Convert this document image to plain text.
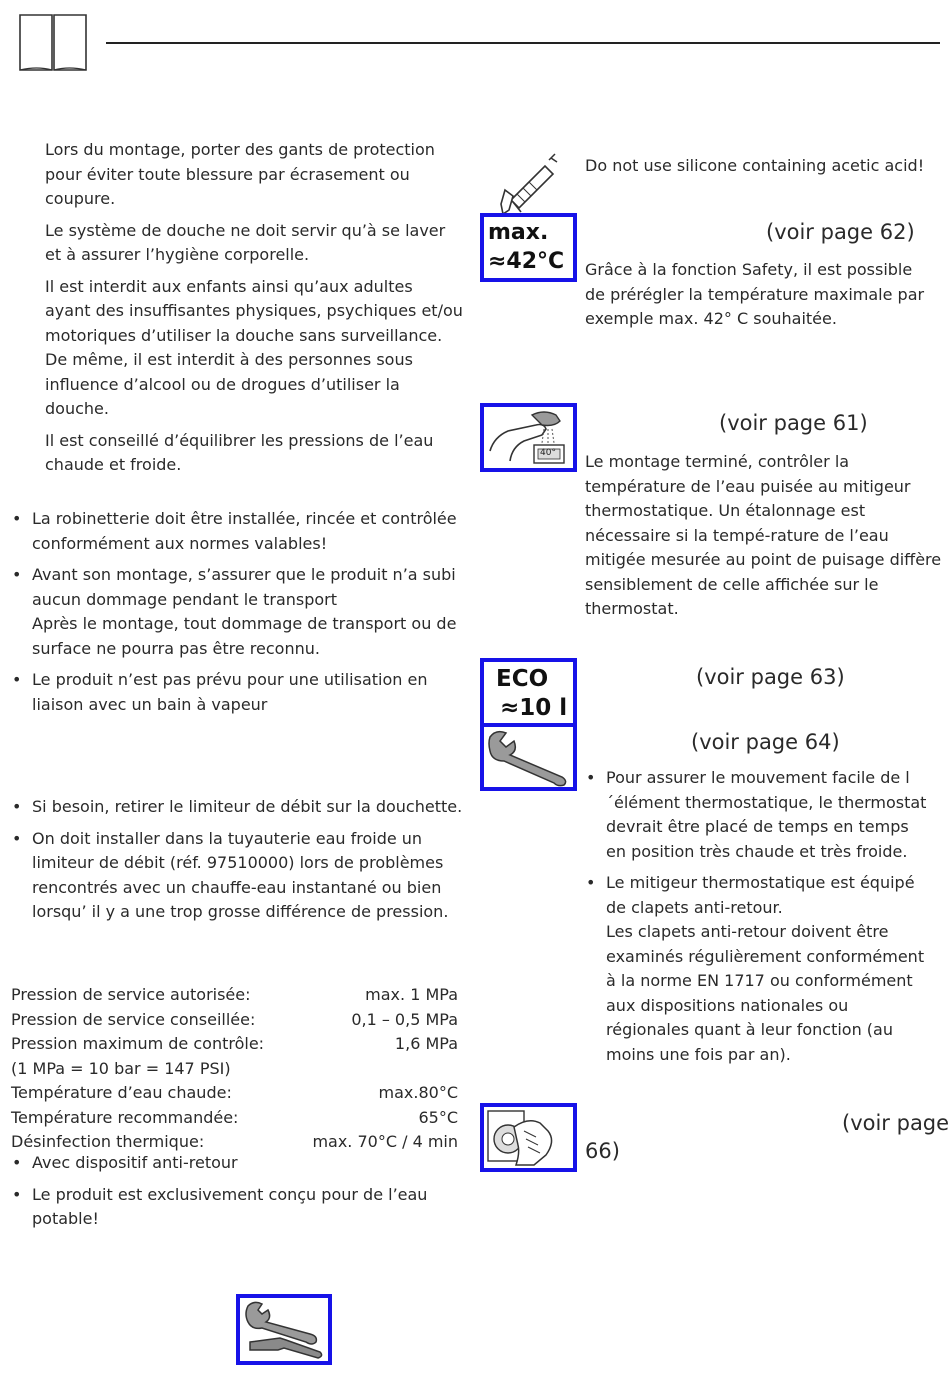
Lors du montage, porter des gants de protection pour éviter toute blessure par écrasement ou coupure.

Le système de douche ne doit servir qu’à se laver et à assurer l’hygiène corporelle.

Il est interdit aux enfants ainsi qu’aux adultes ayant des insuffisantes physiques, psychiques et/ou motoriques d’utiliser la douche sans surveillance. De même, il est interdit à des personnes sous influence d’alcool ou de drogues d’utiliser la douche.

Il est conseillé d’équilibrer les pressions de l’eau chaude et froide.

• La robinetterie doit être installée, rincée et contrôlée conformément aux normes valables!
• Avant son montage, s’assurer que le produit n’a subi aucun dommage pendant le transport
Après le montage, tout dommage de transport ou de surface ne pourra pas être reconnu.
• Le produit n’est pas prévu pour une utilisation en liaison avec un bain à vapeur
• Si besoin, retirer le limiteur de débit sur la douchette.
• On doit installer dans la tuyauterie eau froide un limiteur de débit (réf. 97510000) lors de problèmes rencontrés avec un chauffe-eau instantané ou bien lorsqu’ il y a une trop grosse différence de pression.
Pression de service autorisée:	max. 1 MPa
Pression de service conseillée:	0,1 – 0,5 MPa
Pression maximum de contrôle:	1,6 MPa
(1 MPa = 10 bar = 147 PSI)
Température d’eau chaude:	max.80°C
Température recommandée:	65°C
Désinfection thermique:	max. 70°C / 4 min
• Avec dispositif anti-retour
• Le produit est exclusivement conçu pour de l’eau potable!

Do not use silicone containing acetic acid!

max.
≈42°C
(voir page 62)

Grâce à la fonction Safety, il est possible de prérégler la température maximale par exemple max. 42° C souhaitée.

40°
(voir page 61)

Le montage terminé, contrôler la température de l’eau puisée au mitigeur thermostatique. Un étalonnage est nécessaire si la tempé-rature de l’eau mitigée mesurée au point de puisage diffère sensiblement de celle affichée sur le thermostat.

ECO
≈10 l
(voir page 63)
(voir page 64)
• Pour assurer le mouvement facile de l´élément thermostatique, le thermostat devrait être placé de temps en temps en position très chaude et très froide.
• Le mitigeur thermostatique est équipé de clapets anti-retour.
Les clapets anti-retour doivent être examinés régulièrement conformément à la norme EN 1717 ou conformément aux dispositions nationales ou régionales quant à leur fonction (au moins une fois par an).
(voir page
66)
